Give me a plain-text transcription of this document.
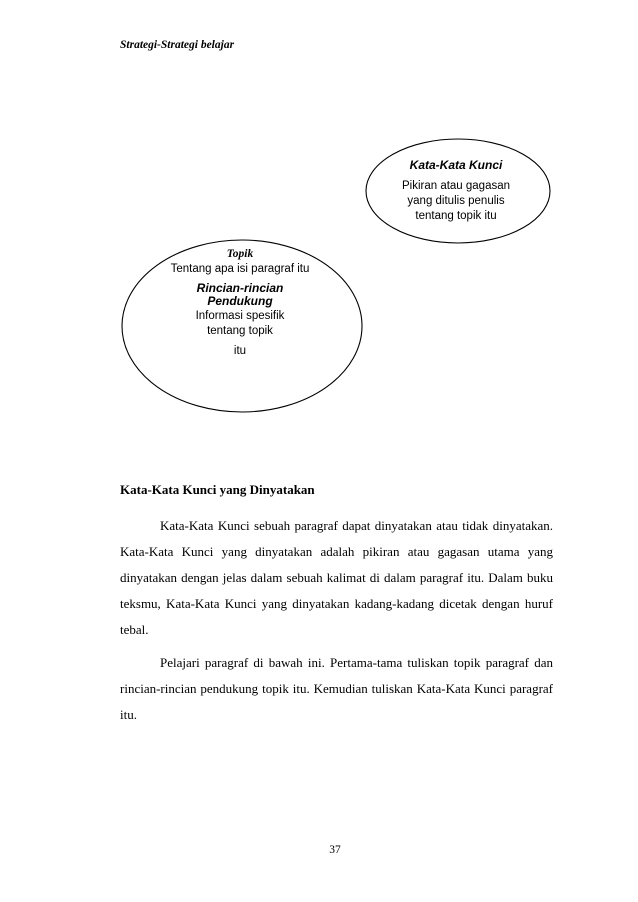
Strategi-Strategi belajar
Kata-Kata Kunci
Pikiran atau gagasan
yang ditulis penulis
tentang topik itu
Topik
Tentang apa isi paragraf itu
Rincian-rincian
Pendukung
Informasi spesifik
tentang topik
itu
Kata-Kata Kunci yang Dinyatakan

Kata-Kata Kunci sebuah paragraf dapat dinyatakan atau tidak dinyatakan. Kata-Kata Kunci yang dinyatakan adalah pikiran atau gagasan utama yang dinyatakan dengan jelas dalam sebuah kalimat di dalam paragraf itu. Dalam buku teksmu, Kata-Kata Kunci yang dinyatakan kadang-kadang dicetak dengan huruf tebal.

Pelajari paragraf di bawah ini. Pertama-tama tuliskan topik paragraf dan rincian-rincian pendukung topik itu. Kemudian tuliskan Kata-Kata Kunci paragraf itu.

37
